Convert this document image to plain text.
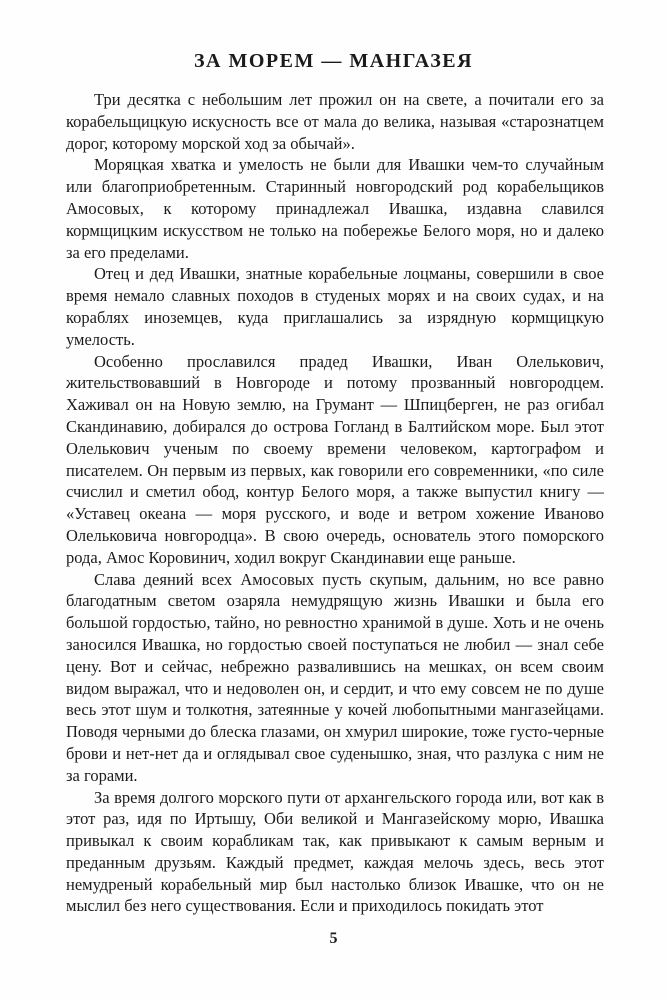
ЗА МОРЕМ — МАНГАЗЕЯ

Три десятка с небольшим лет прожил он на свете, а почитали его за корабельщицкую искусность все от мала до велика, называя «старознатцем дорог, которому морской ход за обычай».

Моряцкая хватка и умелость не были для Ивашки чем-то случайным или благоприобретенным. Старинный новгородский род корабельщиков Амосовых, к которому принадлежал Ивашка, издавна славился кормщицким искусством не только на побережье Белого моря, но и далеко за его пределами.

Отец и дед Ивашки, знатные корабельные лоцманы, совершили в свое время немало славных походов в студеных морях и на своих судах, и на кораблях иноземцев, куда приглашались за изрядную кормщицкую умелость.

Особенно прославился прадед Ивашки, Иван Олелькович, жительствовавший в Новгороде и потому прозванный новгородцем. Хаживал он на Новую землю, на Грумант — Шпицберген, не раз огибал Скандинавию, добирался до острова Гогланд в Балтийском море. Был этот Олелькович ученым по своему времени человеком, картографом и писателем. Он первым из первых, как говорили его современники, «по силе счислил и сметил обод, контур Белого моря, а также выпустил книгу — «Уставец океана — моря русского, и воде и ветром хожение Иваново Олельковича новгородца». В свою очередь, основатель этого поморского рода, Амос Коровинич, ходил вокруг Скандинавии еще раньше.

Слава деяний всех Амосовых пусть скупым, дальним, но все равно благодатным светом озаряла немудрящую жизнь Ивашки и была его большой гордостью, тайно, но ревностно хранимой в душе. Хоть и не очень заносился Ивашка, но гордостью своей поступаться не любил — знал себе цену. Вот и сейчас, небрежно развалившись на мешках, он всем своим видом выражал, что и недоволен он, и сердит, и что ему совсем не по душе весь этот шум и толкотня, затеянные у кочей любопытными мангазейцами. Поводя черными до блеска глазами, он хмурил широкие, тоже густо-черные брови и нет-нет да и оглядывал свое суденышко, зная, что разлука с ним не за горами.

За время долгого морского пути от архангельского города или, вот как в этот раз, идя по Иртышу, Оби великой и Мангазейскому морю, Ивашка привыкал к своим корабликам так, как привыкают к самым верным и преданным друзьям. Каждый предмет, каждая мелочь здесь, весь этот немудреный корабельный мир был настолько близок Ивашке, что он не мыслил без него существования. Если и приходилось покидать этот

5
